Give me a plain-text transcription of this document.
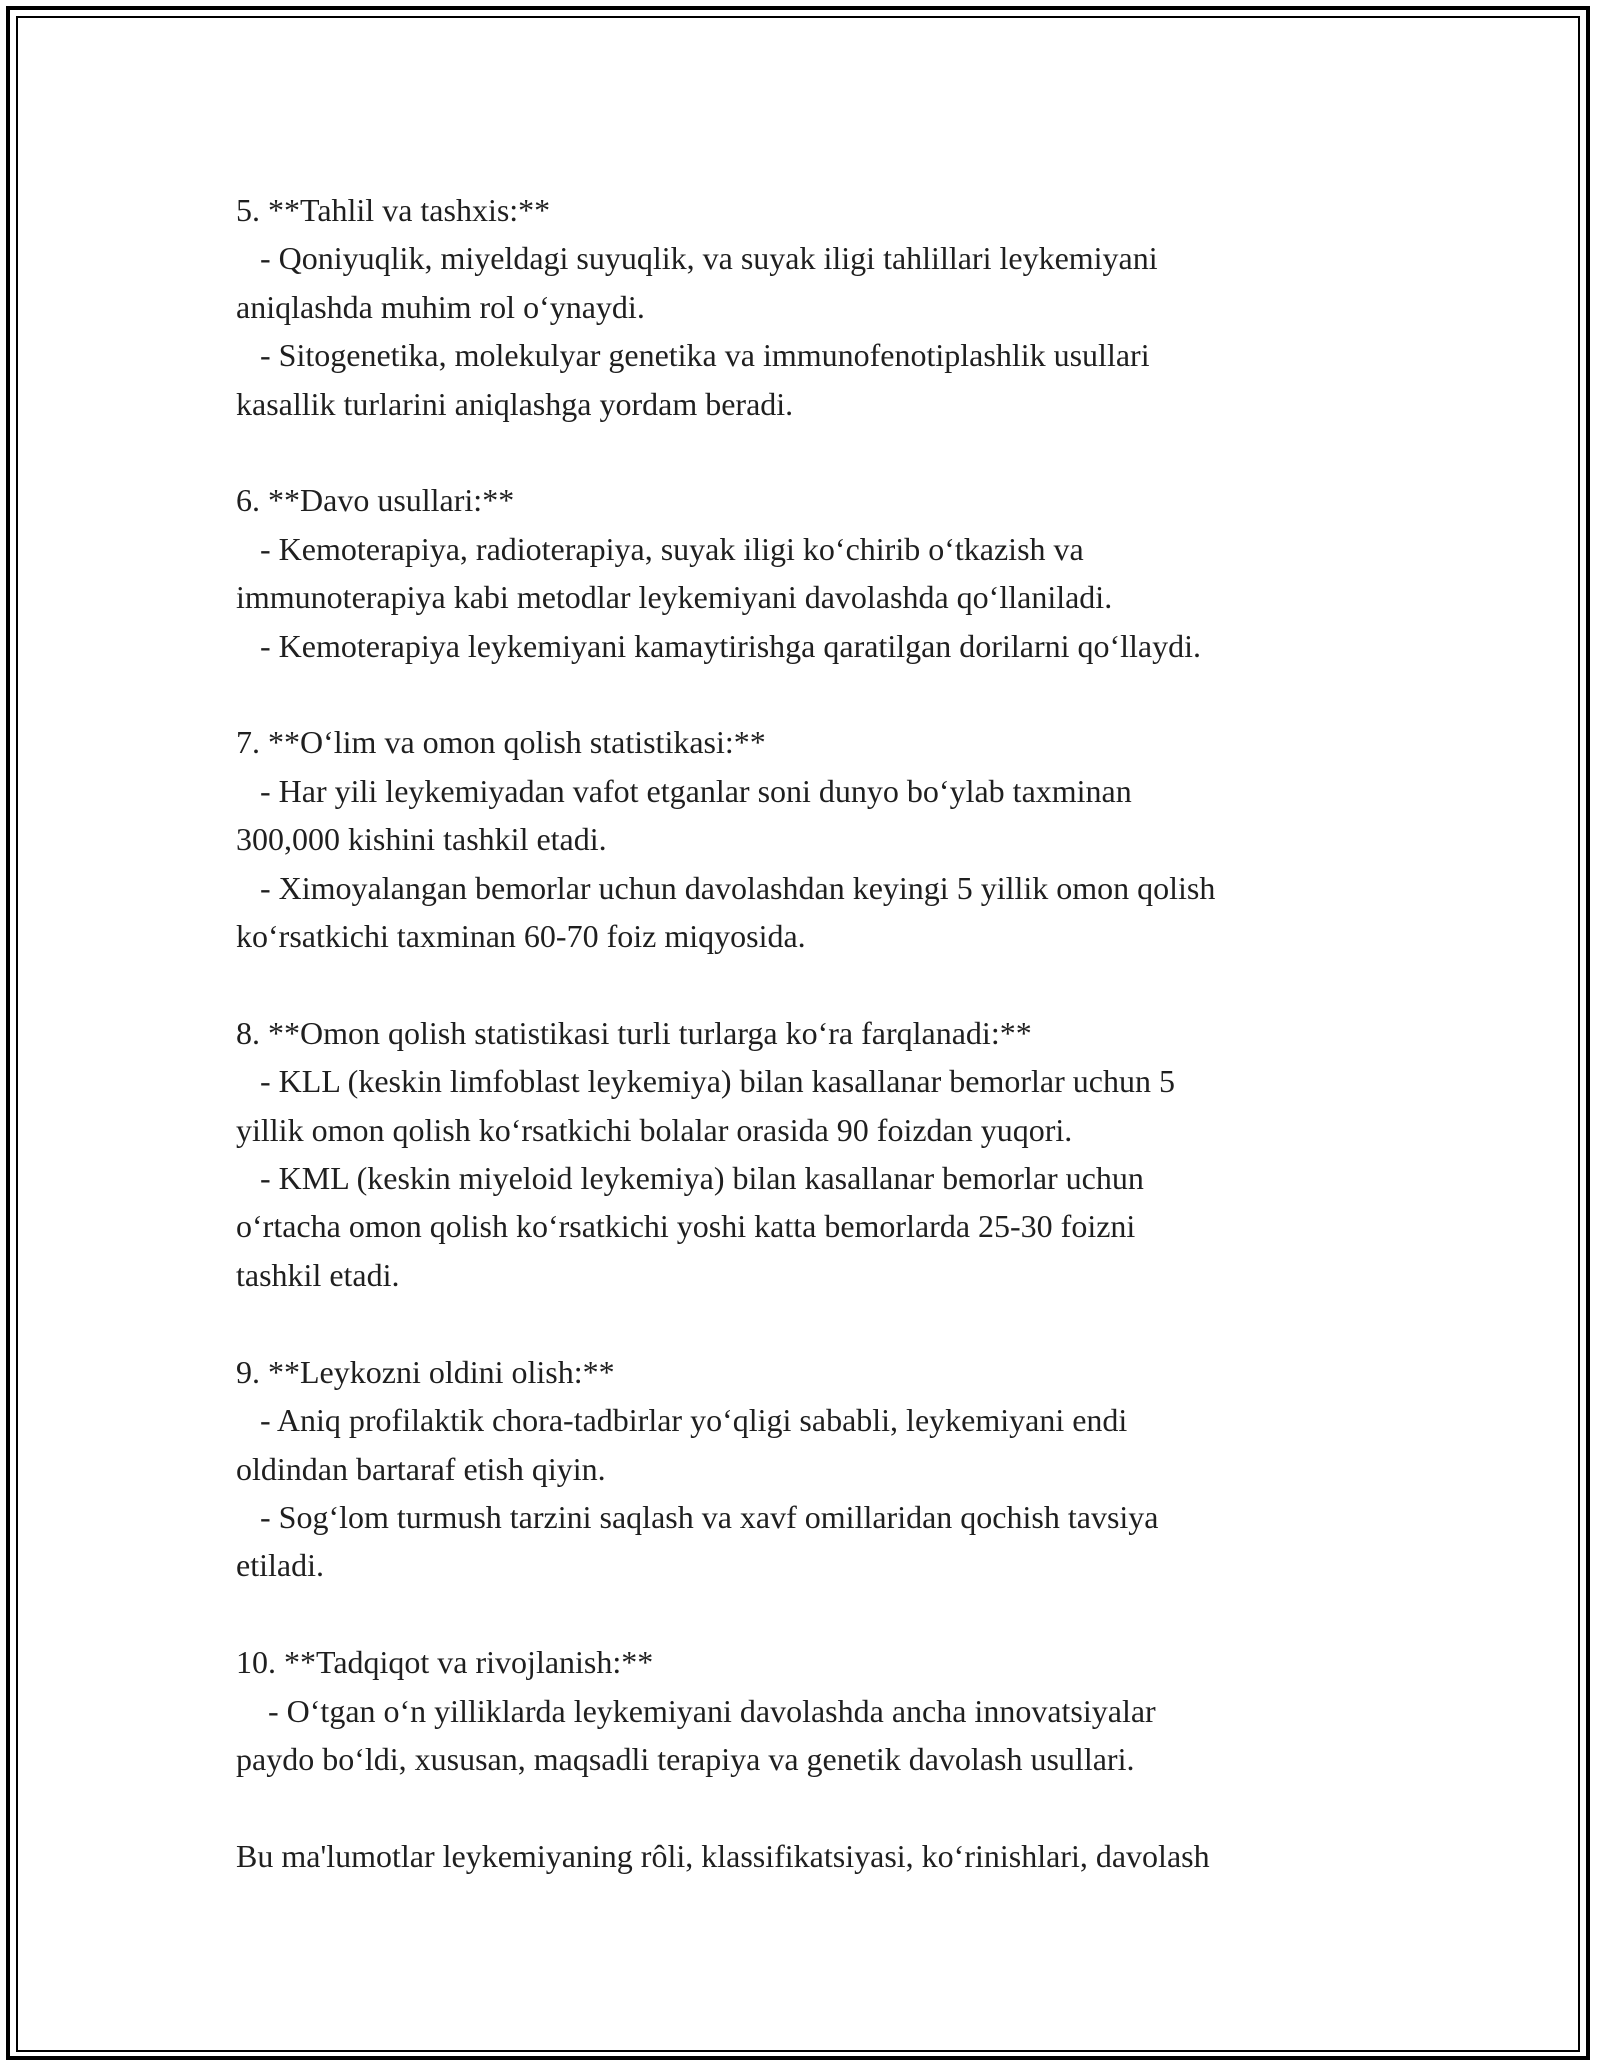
5. **Tahlil va tashxis:**

- Qoniyuqlik, miyeldagi suyuqlik, va suyak iligi tahlillari leykemiyani

aniqlashda muhim rol o‘ynaydi.

- Sitogenetika, molekulyar genetika va immunofenotiplashlik usullari

kasallik turlarini aniqlashga yordam beradi.

6. **Davo usullari:**

- Kemoterapiya, radioterapiya, suyak iligi ko‘chirib o‘tkazish va

immunoterapiya kabi metodlar leykemiyani davolashda qo‘llaniladi.

- Kemoterapiya leykemiyani kamaytirishga qaratilgan dorilarni qo‘llaydi.

7. **O‘lim va omon qolish statistikasi:**

- Har yili leykemiyadan vafot etganlar soni dunyo bo‘ylab taxminan

300,000 kishini tashkil etadi.

- Ximoyalangan bemorlar uchun davolashdan keyingi 5 yillik omon qolish

ko‘rsatkichi taxminan 60-70 foiz miqyosida.

8. **Omon qolish statistikasi turli turlarga ko‘ra farqlanadi:**

- KLL (keskin limfoblast leykemiya) bilan kasallanar bemorlar uchun 5

yillik omon qolish ko‘rsatkichi bolalar orasida 90 foizdan yuqori.

- KML (keskin miyeloid leykemiya) bilan kasallanar bemorlar uchun

o‘rtacha omon qolish ko‘rsatkichi yoshi katta bemorlarda 25-30 foizni

tashkil etadi.

9. **Leykozni oldini olish:**

- Aniq profilaktik chora-tadbirlar yo‘qligi sababli, leykemiyani endi

oldindan bartaraf etish qiyin.

- Sog‘lom turmush tarzini saqlash va xavf omillaridan qochish tavsiya

etiladi.

10. **Tadqiqot va rivojlanish:**

- O‘tgan o‘n yilliklarda leykemiyani davolashda ancha innovatsiyalar

paydo bo‘ldi, xususan, maqsadli terapiya va genetik davolash usullari.

Bu ma'lumotlar leykemiyaning rôli, klassifikatsiyasi, ko‘rinishlari, davolash
